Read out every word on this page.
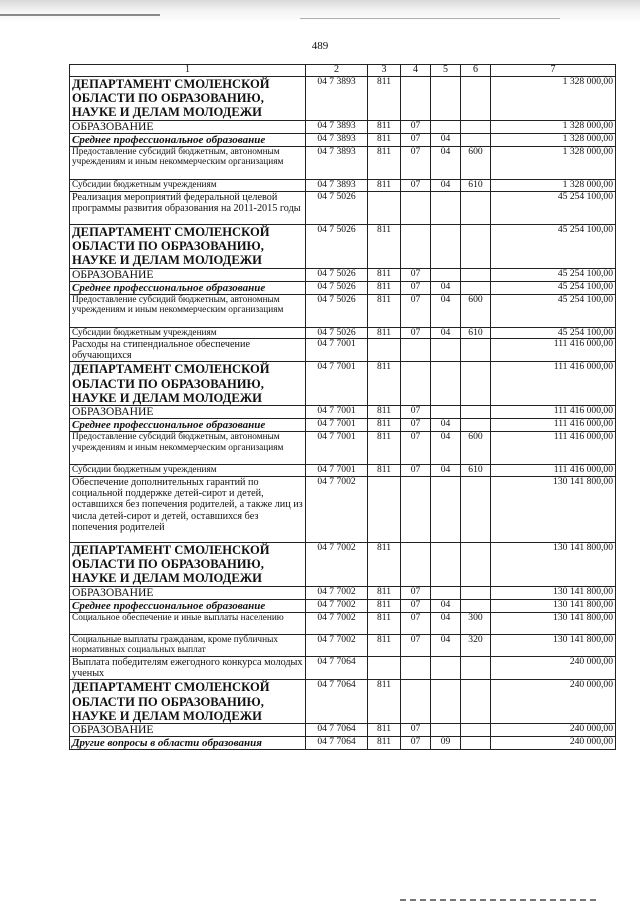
489
1	2	3	4	5	6	7
ДЕПАРТАМЕНТ СМОЛЕНСКОЙ ОБЛАСТИ ПО ОБРАЗОВАНИЮ, НАУКЕ И ДЕЛАМ МОЛОДЕЖИ	04 7 3893	811				1 328 000,00
ОБРАЗОВАНИЕ	04 7 3893	811	07			1 328 000,00
Среднее профессиональное образование	04 7 3893	811	07	04		1 328 000,00
Предоставление субсидий бюджетным, автономным учреждениям и иным некоммерческим организациям	04 7 3893	811	07	04	600	1 328 000,00
Субсидии бюджетным учреждениям	04 7 3893	811	07	04	610	1 328 000,00
Реализация мероприятий федеральной целевой программы развития образования на 2011-2015 годы	04 7 5026					45 254 100,00
ДЕПАРТАМЕНТ СМОЛЕНСКОЙ ОБЛАСТИ ПО ОБРАЗОВАНИЮ, НАУКЕ И ДЕЛАМ МОЛОДЕЖИ	04 7 5026	811				45 254 100,00
ОБРАЗОВАНИЕ	04 7 5026	811	07			45 254 100,00
Среднее профессиональное образование	04 7 5026	811	07	04		45 254 100,00
Предоставление субсидий бюджетным, автономным учреждениям и иным некоммерческим организациям	04 7 5026	811	07	04	600	45 254 100,00
Субсидии бюджетным учреждениям	04 7 5026	811	07	04	610	45 254 100,00
Расходы на стипендиальное обеспечение обучающихся	04 7 7001					111 416 000,00
ДЕПАРТАМЕНТ СМОЛЕНСКОЙ ОБЛАСТИ ПО ОБРАЗОВАНИЮ, НАУКЕ И ДЕЛАМ МОЛОДЕЖИ	04 7 7001	811				111 416 000,00
ОБРАЗОВАНИЕ	04 7 7001	811	07			111 416 000,00
Среднее профессиональное образование	04 7 7001	811	07	04		111 416 000,00
Предоставление субсидий бюджетным, автономным учреждениям и иным некоммерческим организациям	04 7 7001	811	07	04	600	111 416 000,00
Субсидии бюджетным учреждениям	04 7 7001	811	07	04	610	111 416 000,00
Обеспечение дополнительных гарантий по социальной поддержке детей-сирот и детей, оставшихся без попечения родителей, а также лиц из числа детей-сирот и детей, оставшихся без попечения родителей	04 7 7002					130 141 800,00
ДЕПАРТАМЕНТ СМОЛЕНСКОЙ ОБЛАСТИ ПО ОБРАЗОВАНИЮ, НАУКЕ И ДЕЛАМ МОЛОДЕЖИ	04 7 7002	811				130 141 800,00
ОБРАЗОВАНИЕ	04 7 7002	811	07			130 141 800,00
Среднее профессиональное образование	04 7 7002	811	07	04		130 141 800,00
Социальное обеспечение и иные выплаты населению	04 7 7002	811	07	04	300	130 141 800,00
Социальные выплаты гражданам, кроме публичных нормативных социальных выплат	04 7 7002	811	07	04	320	130 141 800,00
Выплата победителям ежегодного конкурса молодых ученых	04 7 7064					240 000,00
ДЕПАРТАМЕНТ СМОЛЕНСКОЙ ОБЛАСТИ ПО ОБРАЗОВАНИЮ, НАУКЕ И ДЕЛАМ МОЛОДЕЖИ	04 7 7064	811				240 000,00
ОБРАЗОВАНИЕ	04 7 7064	811	07			240 000,00
Другие вопросы в области образования	04 7 7064	811	07	09		240 000,00
